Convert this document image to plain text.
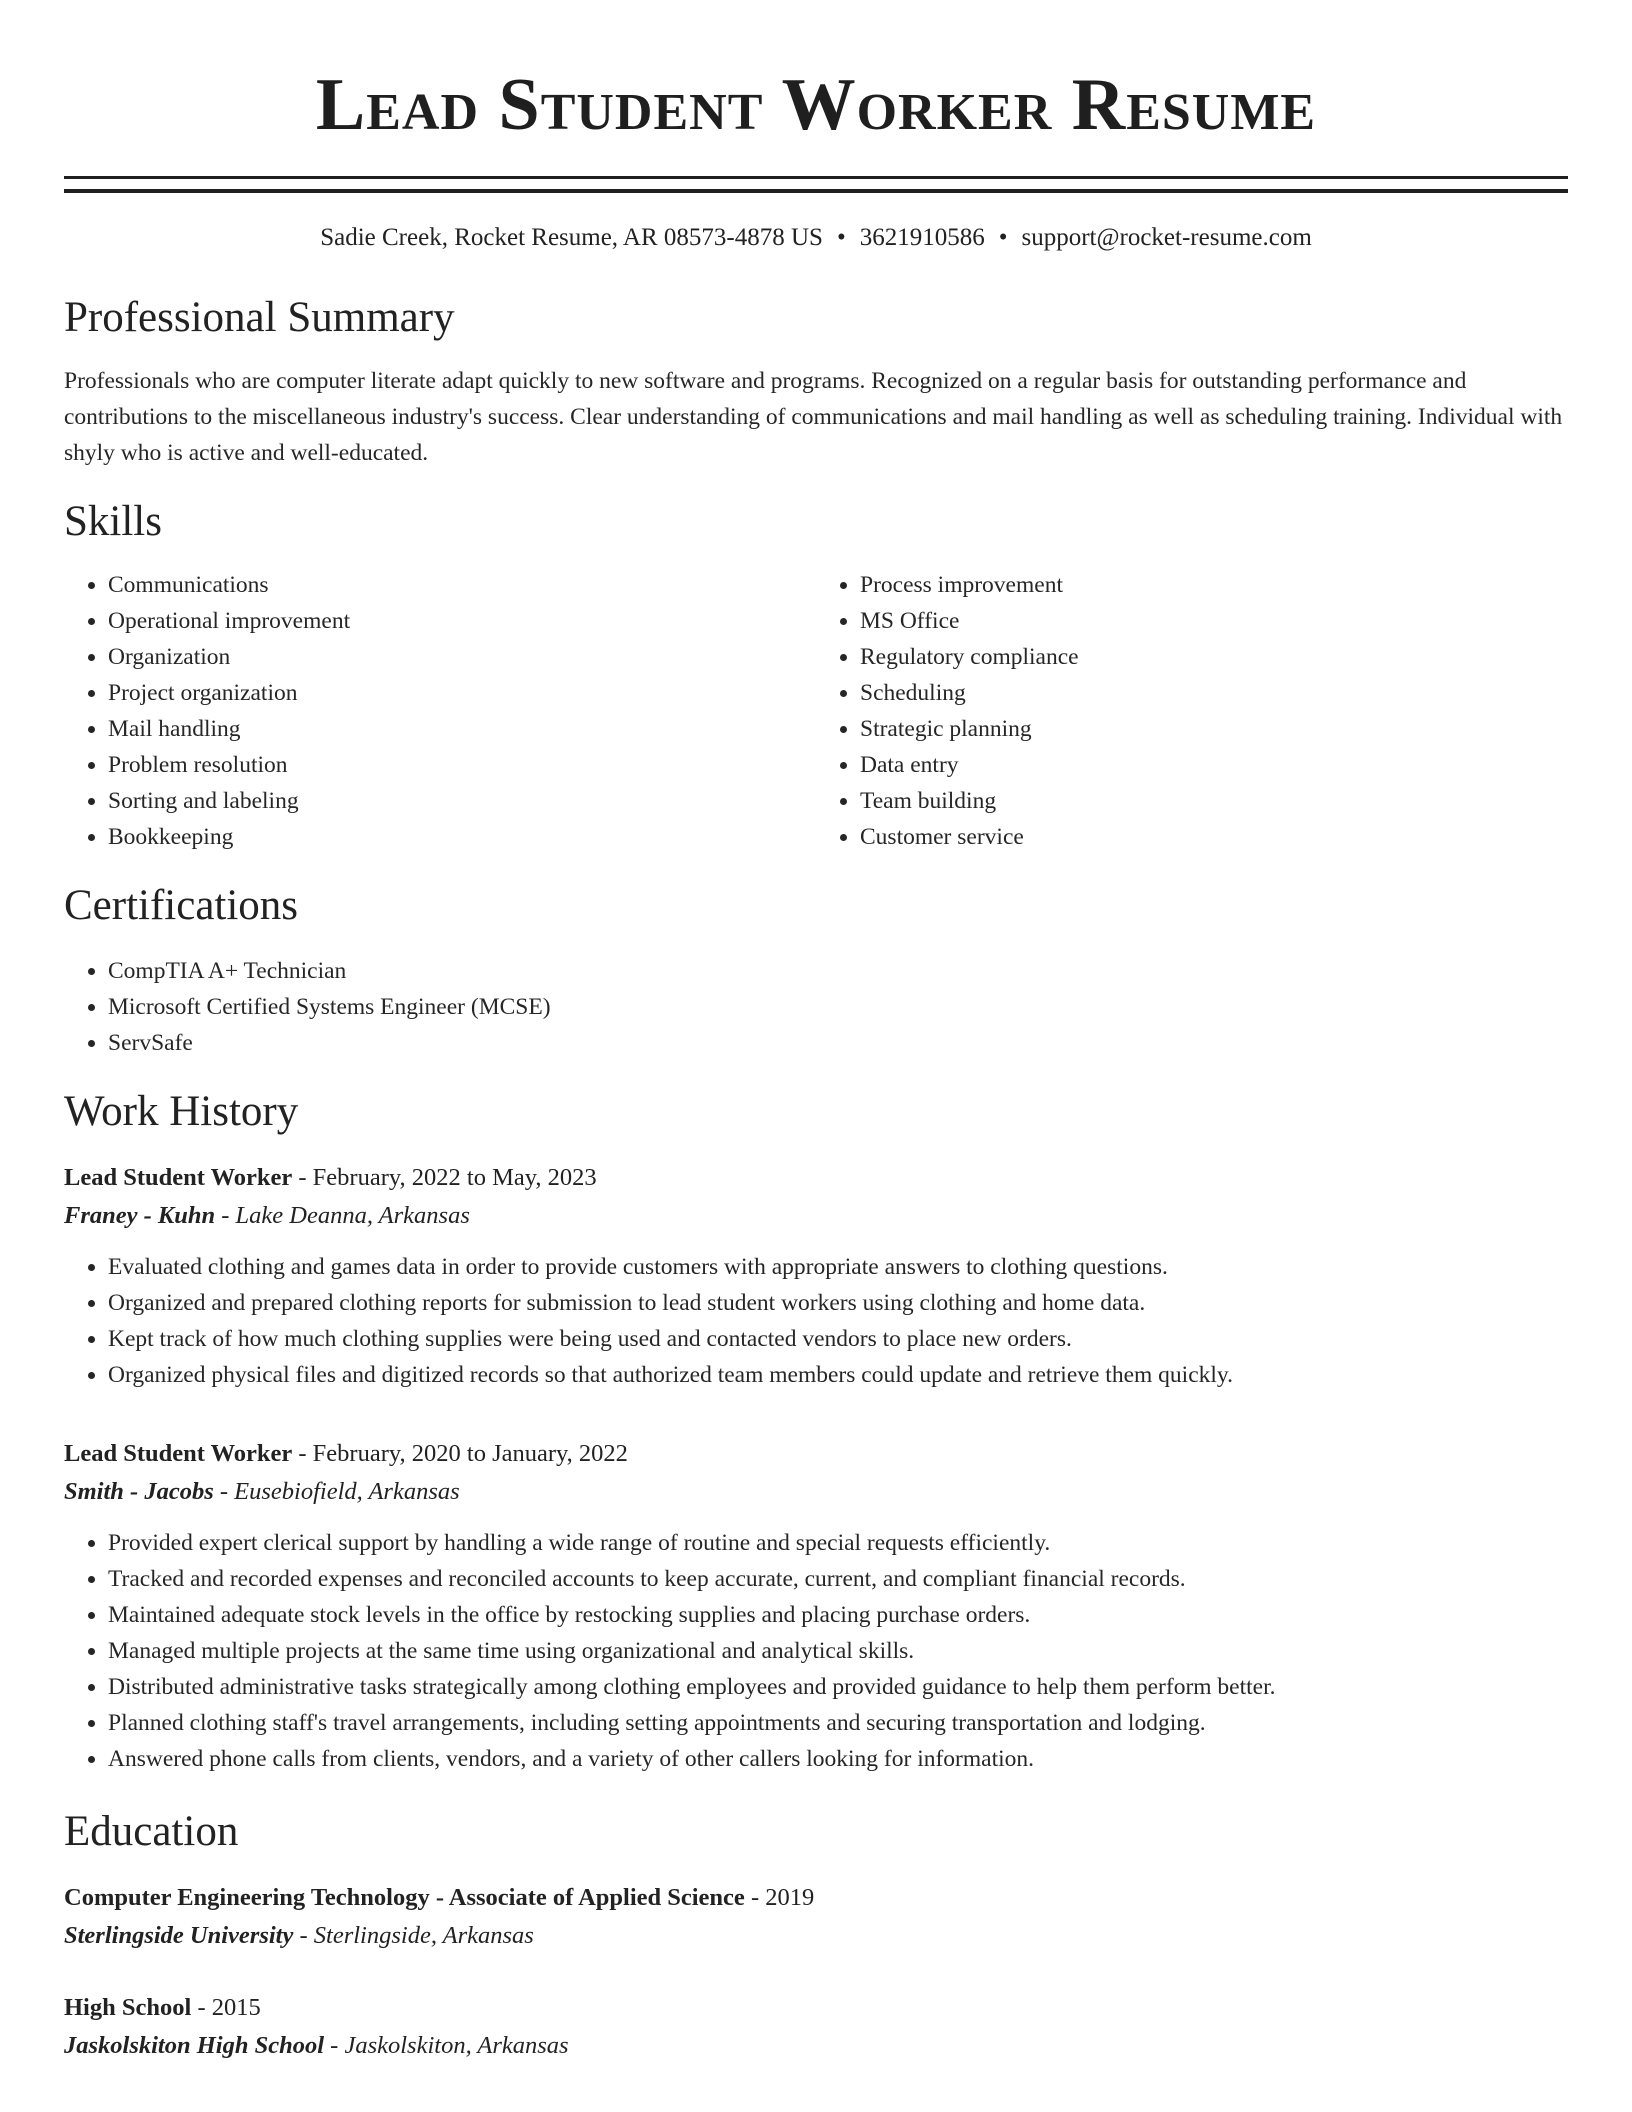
Lead Student Worker Resume
Sadie Creek, Rocket Resume, AR 08573-4878 US • 3621910586 • support@rocket-resume.com
Professional Summary

Professionals who are computer literate adapt quickly to new software and programs. Recognized on a regular basis for outstanding performance and contributions to the miscellaneous industry's success. Clear understanding of communications and mail handling as well as scheduling training. Individual with shyly who is active and well-educated.

Skills
• Communications
• Operational improvement
• Organization
• Project organization
• Mail handling
• Problem resolution
• Sorting and labeling
• Bookkeeping
• Process improvement
• MS Office
• Regulatory compliance
• Scheduling
• Strategic planning
• Data entry
• Team building
• Customer service
Certifications
• CompTIA A+ Technician
• Microsoft Certified Systems Engineer (MCSE)
• ServSafe
Work History
Lead Student Worker - February, 2022 to May, 2023
Franey - Kuhn - Lake Deanna, Arkansas
• Evaluated clothing and games data in order to provide customers with appropriate answers to clothing questions.
• Organized and prepared clothing reports for submission to lead student workers using clothing and home data.
• Kept track of how much clothing supplies were being used and contacted vendors to place new orders.
• Organized physical files and digitized records so that authorized team members could update and retrieve them quickly.
Lead Student Worker - February, 2020 to January, 2022
Smith - Jacobs - Eusebiofield, Arkansas
• Provided expert clerical support by handling a wide range of routine and special requests efficiently.
• Tracked and recorded expenses and reconciled accounts to keep accurate, current, and compliant financial records.
• Maintained adequate stock levels in the office by restocking supplies and placing purchase orders.
• Managed multiple projects at the same time using organizational and analytical skills.
• Distributed administrative tasks strategically among clothing employees and provided guidance to help them perform better.
• Planned clothing staff's travel arrangements, including setting appointments and securing transportation and lodging.
• Answered phone calls from clients, vendors, and a variety of other callers looking for information.
Education
Computer Engineering Technology - Associate of Applied Science - 2019
Sterlingside University - Sterlingside, Arkansas
High School - 2015
Jaskolskiton High School - Jaskolskiton, Arkansas
